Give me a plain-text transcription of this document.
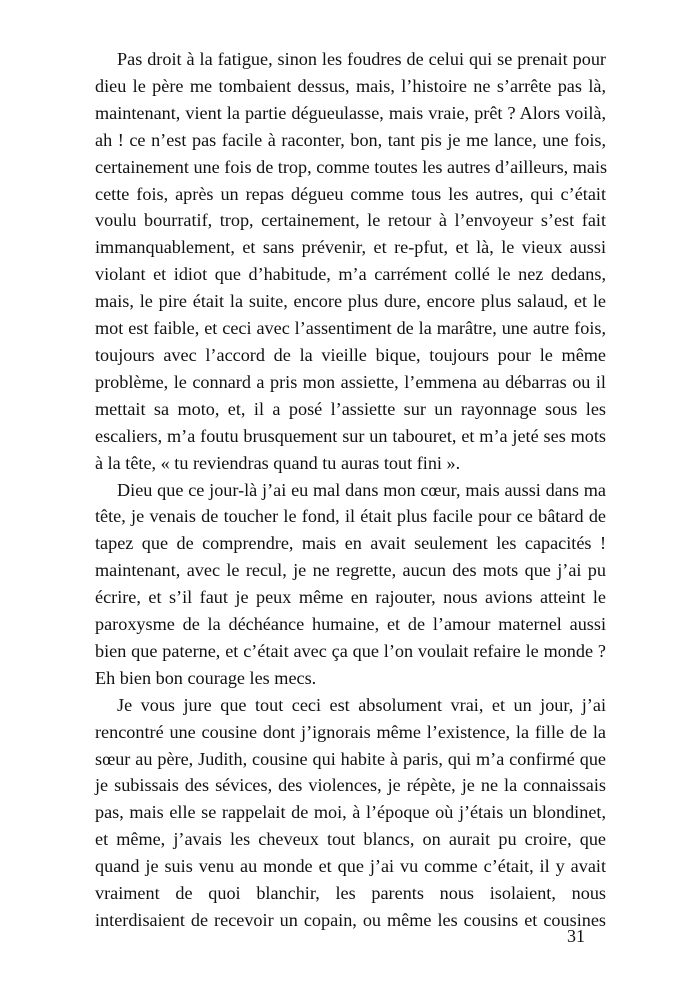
Pas droit à la fatigue, sinon les foudres de celui qui se prenait pour
dieu le père me tombaient dessus, mais, l’histoire ne s’arrête pas là,
maintenant, vient la partie dégueulasse, mais vraie, prêt ? Alors voilà,
ah ! ce n’est pas facile à raconter, bon, tant pis je me lance, une fois,
certainement une fois de trop, comme toutes les autres d’ailleurs, mais
cette fois, après un repas dégueu comme tous les autres, qui c’était
voulu bourratif, trop, certainement, le retour à l’envoyeur s’est fait
immanquablement, et sans prévenir, et re-pfut, et là, le vieux aussi
violant et idiot que d’habitude, m’a carrément collé le nez dedans,
mais, le pire était la suite, encore plus dure, encore plus salaud, et le
mot est faible, et ceci avec l’assentiment de la marâtre, une autre fois,
toujours avec l’accord de la vieille bique, toujours pour le même
problème, le connard a pris mon assiette, l’emmena au débarras ou il
mettait sa moto, et, il a posé l’assiette sur un rayonnage sous les
escaliers, m’a foutu brusquement sur un tabouret, et m’a jeté ses mots
à la tête, « tu reviendras quand tu auras tout fini ».
Dieu que ce jour-là j’ai eu mal dans mon cœur, mais aussi dans ma
tête, je venais de toucher le fond, il était plus facile pour ce bâtard de
tapez que de comprendre, mais en avait seulement les capacités !
maintenant, avec le recul, je ne regrette, aucun des mots que j’ai pu
écrire, et s’il faut je peux même en rajouter, nous avions atteint le
paroxysme de la déchéance humaine, et de l’amour maternel aussi
bien que paterne, et c’était avec ça que l’on voulait refaire le monde ?
Eh bien bon courage les mecs.
Je vous jure que tout ceci est absolument vrai, et un jour, j’ai
rencontré une cousine dont j’ignorais même l’existence, la fille de la
sœur au père, Judith, cousine qui habite à paris, qui m’a confirmé que
je subissais des sévices, des violences, je répète, je ne la connaissais
pas, mais elle se rappelait de moi, à l’époque où j’étais un blondinet,
et même, j’avais les cheveux tout blancs, on aurait pu croire, que
quand je suis venu au monde et que j’ai vu comme c’était, il y avait
vraiment de quoi blanchir, les parents nous isolaient, nous
interdisaient de recevoir un copain, ou même les cousins et cousines
31
